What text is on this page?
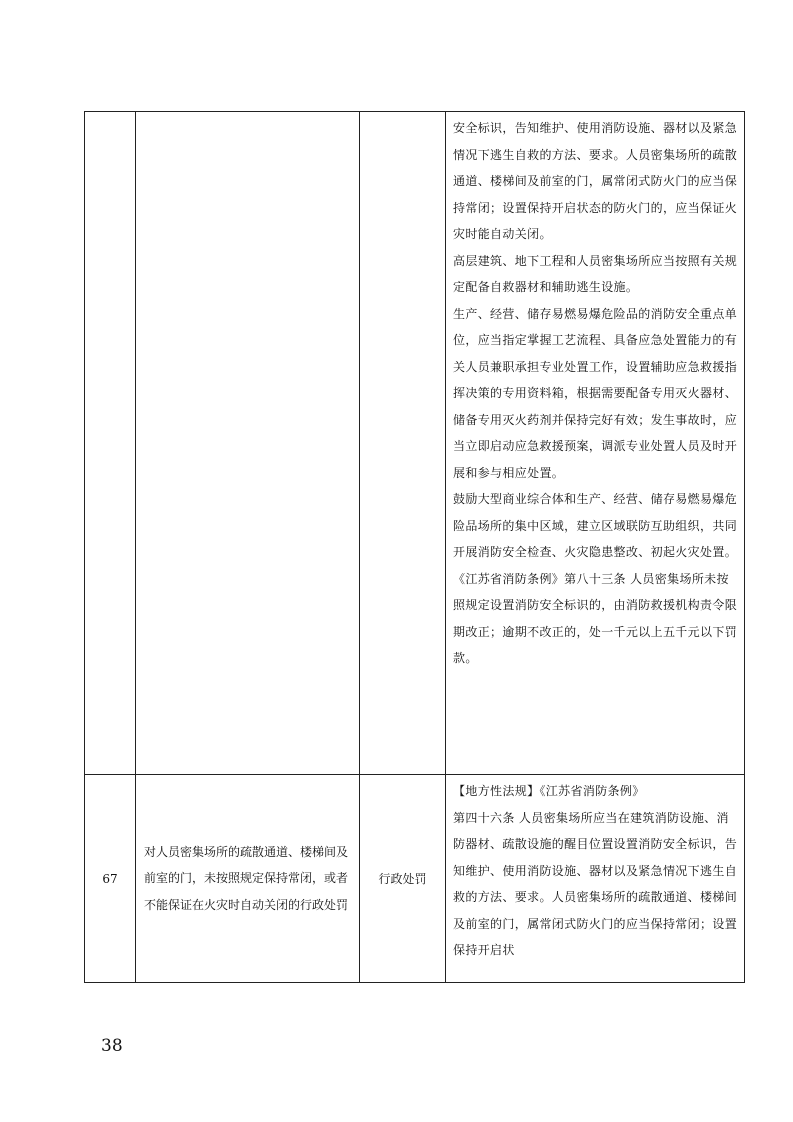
			安全标识，告知维护、使用消防设施、器材以及紧急情况下逃生自救的方法、要求。人员密集场所的疏散通道、楼梯间及前室的门，属常闭式防火门的应当保持常闭；设置保持开启状态的防火门的，应当保证火灾时能自动关闭。

高层建筑、地下工程和人员密集场所应当按照有关规定配备自救器材和辅助逃生设施。

生产、经营、储存易燃易爆危险品的消防安全重点单位，应当指定掌握工艺流程、具备应急处置能力的有关人员兼职承担专业处置工作，设置辅助应急救援指挥决策的专用资料箱，根据需要配备专用灭火器材、储备专用灭火药剂并保持完好有效；发生事故时，应当立即启动应急救援预案，调派专业处置人员及时开展和参与相应处置。

鼓励大型商业综合体和生产、经营、储存易燃易爆危险品场所的集中区域，建立区域联防互助组织，共同开展消防安全检查、火灾隐患整改、初起火灾处置。

《江苏省消防条例》第八十三条 人员密集场所未按照规定设置消防安全标识的，由消防救援机构责令限期改正；逾期不改正的，处一千元以上五千元以下罚款。

67	对人员密集场所的疏散通道、楼梯间及前室的门，未按照规定保持常闭，或者不能保证在火灾时自动关闭的行政处罚	行政处罚	【地方性法规】《江苏省消防条例》

第四十六条 人员密集场所应当在建筑消防设施、消防器材、疏散设施的醒目位置设置消防安全标识，告知维护、使用消防设施、器材以及紧急情况下逃生自救的方法、要求。人员密集场所的疏散通道、楼梯间及前室的门，属常闭式防火门的应当保持常闭；设置保持开启状

38
